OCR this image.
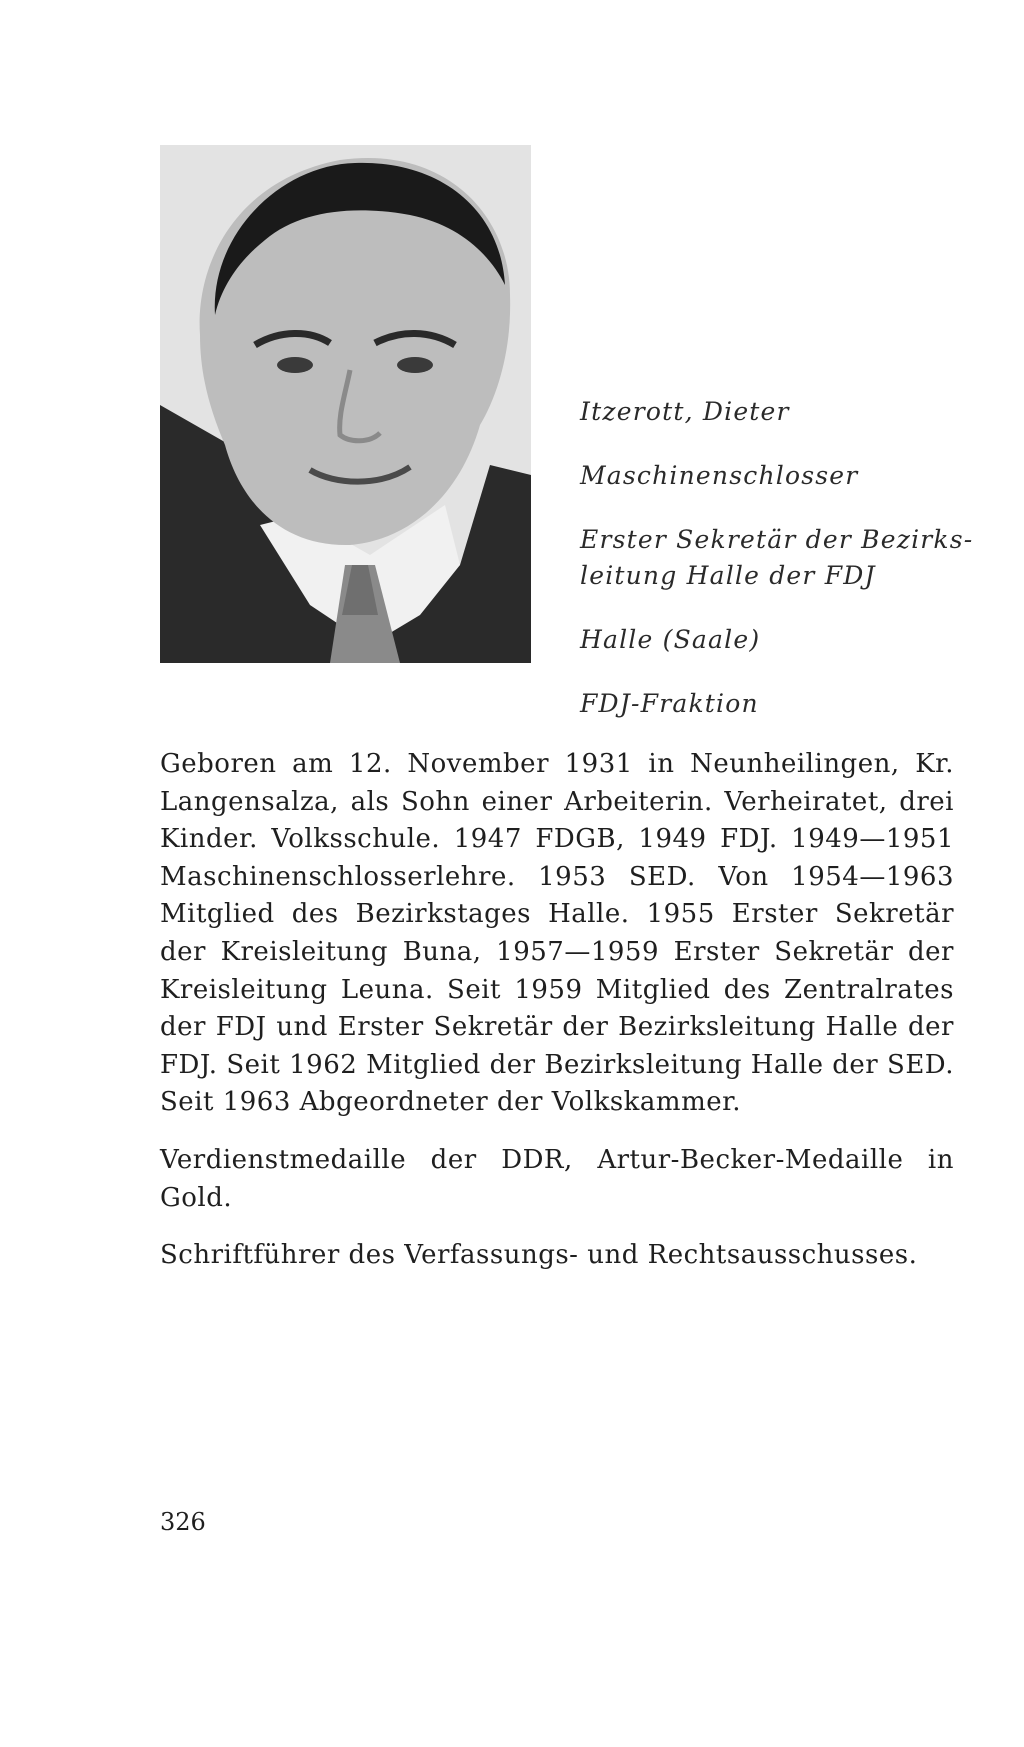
Itzerott, Dieter
Maschinenschlosser
Erster Sekretär der Bezirksleitung Halle der FDJ
Halle (Saale)
FDJ-Fraktion

Geboren am 12. November 1931 in Neunheilingen, Kr. Langensalza, als Sohn einer Arbeiterin. Verheiratet, drei Kinder. Volksschule. 1947 FDGB, 1949 FDJ. 1949—1951 Maschinenschlosserlehre. 1953 SED. Von 1954—1963 Mitglied des Bezirkstages Halle. 1955 Erster Sekretär der Kreisleitung Buna, 1957—1959 Erster Sekretär der Kreisleitung Leuna. Seit 1959 Mitglied des Zentralrates der FDJ und Erster Sekretär der Bezirksleitung Halle der FDJ. Seit 1962 Mitglied der Bezirksleitung Halle der SED. Seit 1963 Abgeordneter der Volkskammer.

Verdienstmedaille der DDR, Artur-Becker-Medaille in Gold.

Schriftführer des Verfassungs- und Rechtsausschusses.

326
